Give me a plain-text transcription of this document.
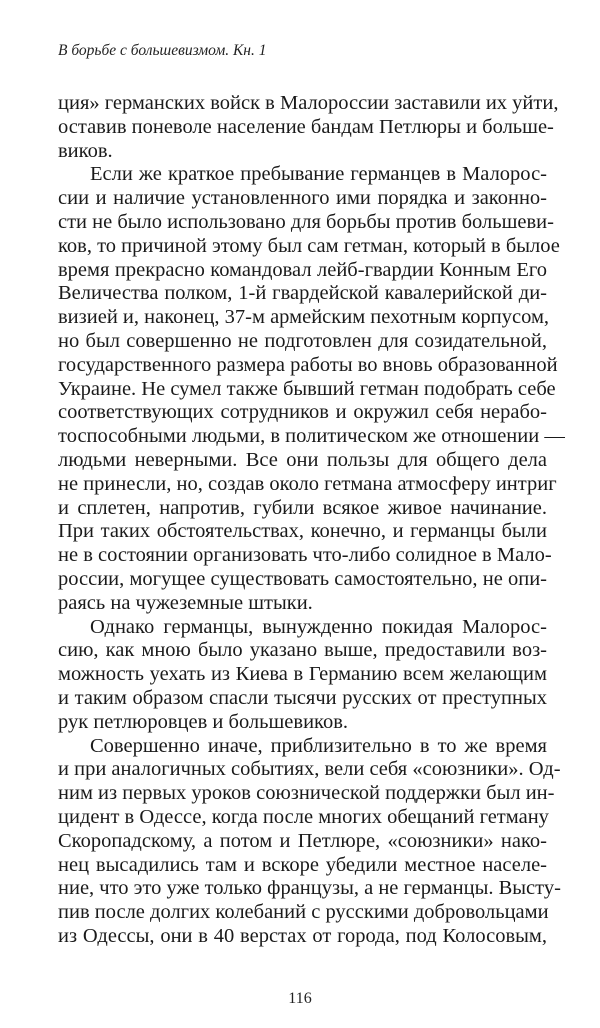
В борьбе с большевизмом. Кн. 1
ция» германских войск в Малороссии заставили их уйти,
оставив поневоле население бандам Петлюры и больше-
виков.
Если же краткое пребывание германцев в Малорос-
сии и наличие установленного ими порядка и законно-
сти не было использовано для борьбы против большеви-
ков, то причиной этому был сам гетман, который в былое
время прекрасно командовал лейб-гвардии Конным Его
Величества полком, 1-й гвардейской кавалерийской ди-
визией и, наконец, 37-м армейским пехотным корпусом,
но был совершенно не подготовлен для созидательной,
государственного размера работы во вновь образованной
Украине. Не сумел также бывший гетман подобрать себе
соответствующих сотрудников и окружил себя нерабо-
тоспособными людьми, в политическом же отношении —
людьми неверными. Все они пользы для общего дела
не принесли, но, создав около гетмана атмосферу интриг
и сплетен, напротив, губили всякое живое начинание.
При таких обстоятельствах, конечно, и германцы были
не в состоянии организовать что-либо солидное в Мало-
россии, могущее существовать самостоятельно, не опи-
раясь на чужеземные штыки.
Однако германцы, вынужденно покидая Малорос-
сию, как мною было указано выше, предоставили воз-
можность уехать из Киева в Германию всем желающим
и таким образом спасли тысячи русских от преступных
рук петлюровцев и большевиков.
Совершенно иначе, приблизительно в то же время
и при аналогичных событиях, вели себя «союзники». Од-
ним из первых уроков союзнической поддержки был ин-
цидент в Одессе, когда после многих обещаний гетману
Скоропадскому, а потом и Петлюре, «союзники» нако-
нец высадились там и вскоре убедили местное населе-
ние, что это уже только французы, а не германцы. Высту-
пив после долгих колебаний с русскими добровольцами
из Одессы, они в 40 верстах от города, под Колосовым,
116
